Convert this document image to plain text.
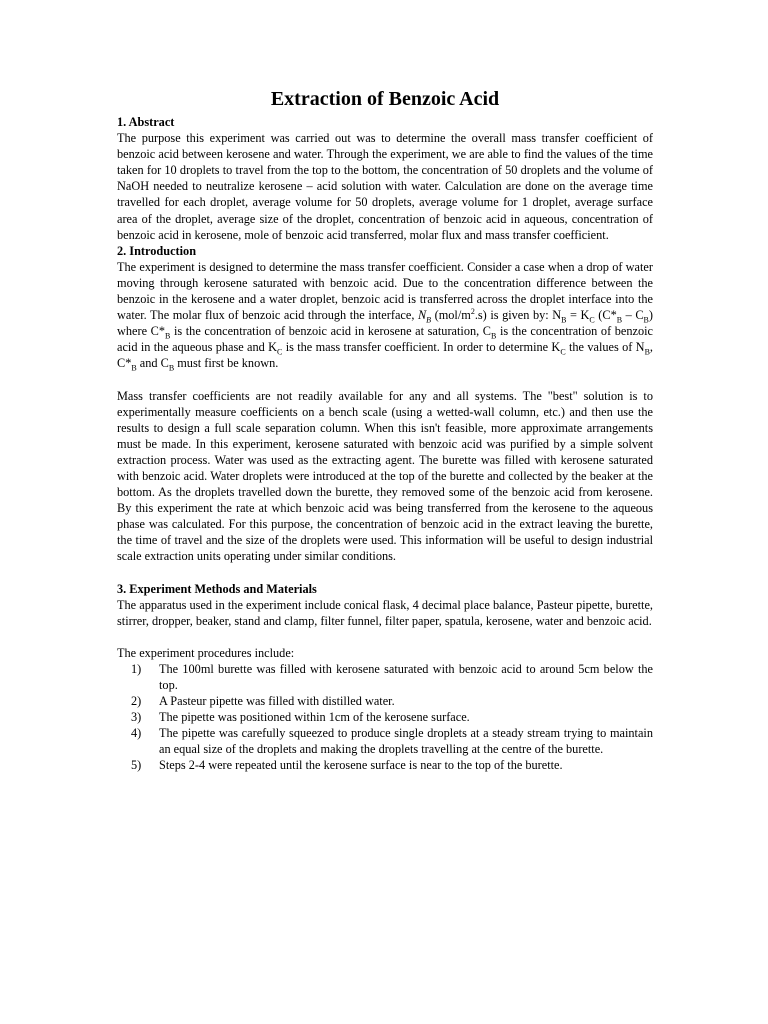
Extraction of Benzoic Acid
1. Abstract

The purpose this experiment was carried out was to determine the overall mass transfer coefficient of benzoic acid between kerosene and water. Through the experiment, we are able to find the values of the time taken for 10 droplets to travel from the top to the bottom, the concentration of 50 droplets and the volume of NaOH needed to neutralize kerosene – acid solution with water. Calculation are done on the average time travelled for each droplet, average volume for 50 droplets, average volume for 1 droplet, average surface area of the droplet, average size of the droplet, concentration of benzoic acid in aqueous, concentration of benzoic acid in kerosene, mole of benzoic acid transferred, molar flux and mass transfer coefficient.

2. Introduction

The experiment is designed to determine the mass transfer coefficient. Consider a case when a drop of water moving through kerosene saturated with benzoic acid. Due to the concentration difference between the benzoic in the kerosene and a water droplet, benzoic acid is transferred across the droplet interface into the water. The molar flux of benzoic acid through the interface, $N_B$ $(mol/m^2.s)$ is given by: $N_B = K_C$ $(C*_B - C_B)$ where $C*_B$ is the concentration of benzoic acid in kerosene at saturation, $C_B$ is the concentration of benzoic acid in the aqueous phase and $K_C$ is the mass transfer coefficient. In order to determine $K_C$ the values of $N_B$, $C*_B$ and $C_B$ must first be known.

Mass transfer coefficients are not readily available for any and all systems. The "best" solution is to experimentally measure coefficients on a bench scale (using a wetted-wall column, etc.) and then use the results to design a full scale separation column. When this isn't feasible, more approximate arrangements must be made. In this experiment, kerosene saturated with benzoic acid was purified by a simple solvent extraction process. Water was used as the extracting agent. The burette was filled with kerosene saturated with benzoic acid. Water droplets were introduced at the top of the burette and collected by the beaker at the bottom. As the droplets travelled down the burette, they removed some of the benzoic acid from kerosene. By this experiment the rate at which benzoic acid was being transferred from the kerosene to the aqueous phase was calculated. For this purpose, the concentration of benzoic acid in the extract leaving the burette, the time of travel and the size of the droplets were used. This information will be useful to design industrial scale extraction units operating under similar conditions.

3. Experiment Methods and Materials

The apparatus used in the experiment include conical flask, 4 decimal place balance, Pasteur pipette, burette, stirrer, dropper, beaker, stand and clamp, filter funnel, filter paper, spatula, kerosene, water and benzoic acid.

The experiment procedures include:

1) The 100ml burette was filled with kerosene saturated with benzoic acid to around 5cm below the top.
2) A Pasteur pipette was filled with distilled water.
3) The pipette was positioned within 1cm of the kerosene surface.
4) The pipette was carefully squeezed to produce single droplets at a steady stream trying to maintain an equal size of the droplets and making the droplets travelling at the centre of the burette.
5) Steps 2-4 were repeated until the kerosene surface is near to the top of the burette.
